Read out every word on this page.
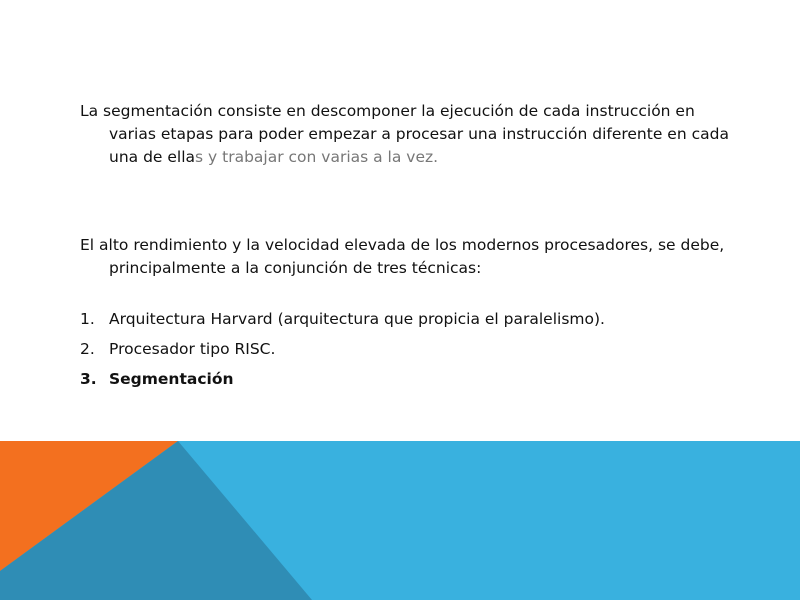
La segmentación consiste en descomponer la ejecución de cada instrucción en
varias etapas para poder empezar a procesar una instrucción diferente en cada
una de ellas y trabajar con varias a la vez.
El alto rendimiento y la velocidad elevada de los modernos procesadores, se debe,
principalmente a la conjunción de tres técnicas:
1. Arquitectura Harvard (arquitectura que propicia el paralelismo).
2. Procesador tipo RISC.
3. Segmentación
